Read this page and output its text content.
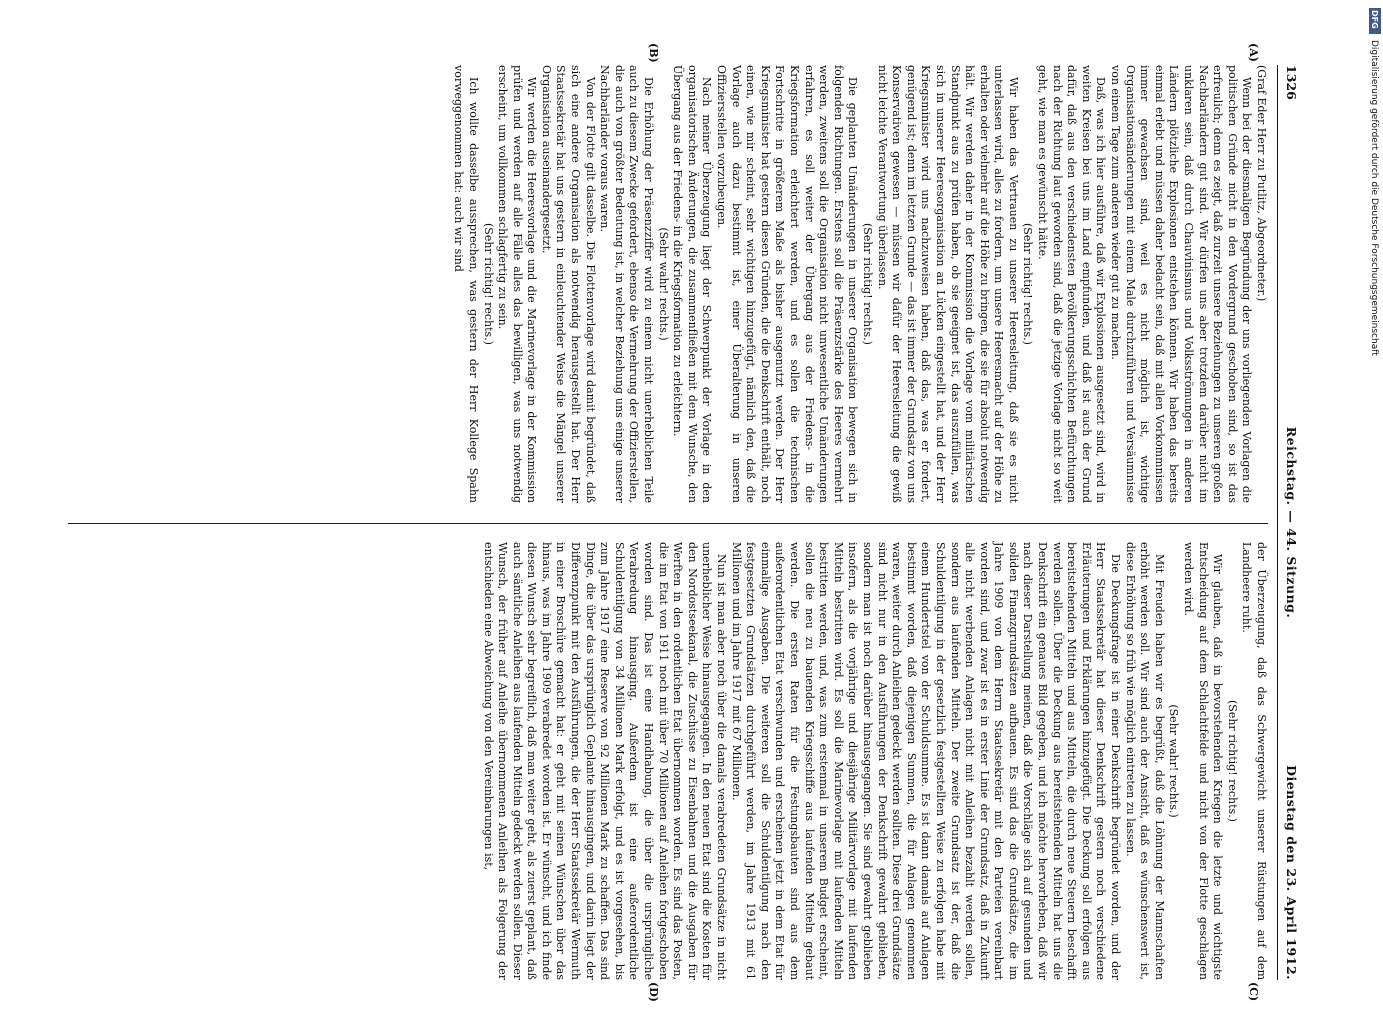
1326
Reichstag. — 44. Sitzung.
Dienstag den 23. April 1912.
(A)
(B)
(C)
(D)

(Graf Eder Herr zu Putlitz, Abgeordneter.)

Wenn bei der diesmaligen Begründung der uns vorliegenden Vorlagen die politischen Gründe nicht in den Vordergrund geschoben sind, so ist das erfreulich; denn es zeigt, daß zurzeit unsere Beziehungen zu unseren großen Nachbarländern gut sind. Wir dürfen uns aber trotzdem darüber nicht im unklaren sein, daß durch Chauvinismus und Volksströmungen in anderen Ländern plötzliche Explosionen entstehen können. Wir haben das bereits einmal erlebt und müssen daher bedacht sein, daß mit allen Vorkommnissen immer gewachsen sind, weil es nicht möglich ist, wichtige Organisationsänderungen mit einem Male durchzuführen und Versäumnisse von einem Tage zum anderen wieder gut zu machen.

Daß, was ich hier ausführe, daß wir Explosionen ausgesetzt sind, wird in weiten Kreisen bei uns im Land empfunden, und daß ist auch der Grund dafür, daß aus den verschiedensten Bevölkerungsschichten Befürchtungen nach der Richtung laut geworden sind, daß die jetzige Vorlage nicht so weit geht, wie man es gewünscht hätte.

(Sehr richtig! rechts.)

Wir haben das Vertrauen zu unserer Heeresleitung, daß sie es nicht unterlassen wird, alles zu fordern, um unsere Heeresmacht auf der Höhe zu erhalten oder vielmehr auf die Höhe zu bringen, die sie für absolut notwendig hält. Wir werden daher in der Kommission die Vorlage vom militärischen Standpunkt aus zu prüfen haben, ob sie geeignet ist, das auszufüllen, was sich in unserer Heeresorganisation an Lücken eingestellt hat, und der Herr Kriegsminister wird uns nachzuweisen haben, daß das, was er fordert, genügend ist; denn im letzten Grunde — das ist immer der Grundsatz von uns Konservativen gewesen — müssen wir dafür der Heeresleitung die gewiß nicht leichte Verantwortung überlassen.

(Sehr richtig! rechts.)

Die geplanten Umänderungen in unserer Organisation bewegen sich in folgenden Richtungen. Erstens soll die Präsenzstärke des Heeres vermehrt werden, zweitens soll die Organisation nicht unwesentliche Umänderungen erfahren, es soll weiter der Übergang aus der Friedens- in die Kriegsformation erleichtert werden, und es sollen die technischen Fortschritte in größerem Maße als bisher ausgenutzt werden. Der Herr Kriegsminister hat gestern diesen Gründen, die die Denkschrift enthält, noch einen, wie mir scheint, sehr wichtigen hinzugefügt, nämlich den, daß die Vorlage auch dazu bestimmt ist, einer Überalterung in unseren Offiziersstellen vorzubeugen.

Nach meiner Überzeugung liegt der Schwerpunkt der Vorlage in den organisatorischen Änderungen, die zusammenfließen mit dem Wunsche, den Übergang aus der Friedens- in die Kriegsformation zu erleichtern.

(Sehr wahr! rechts.)

Die Erhöhung der Präsenzziffer wird zu einem nicht unerheblichen Teile auch zu diesem Zwecke gefordert, ebenso die Vermehrung der Offizierstellen, die auch von größter Bedeutung ist, in welcher Beziehung uns einige unserer Nachbarländer voraus waren.

Von der Flotte gilt dasselbe. Die Flottenvorlage wird damit begründet, daß sich eine andere Organisation als notwendig herausgestellt hat. Der Herr Staatssekretär hat uns gestern in einleuchtender Weise die Mängel unserer Organisation auseinandergesetzt.

Wir werden die Heeresvorlage und die Marinevorlage in der Kommission prüfen und werden auf alle Fälle alles das bewilligen, was uns notwendig erscheint, um vollkommen schlagfertig zu sein.

(Sehr richtig! rechts.)

Ich wollte dasselbe aussprechen, was gestern der Herr Kollege Spahn vorweggenommen hat: auch wir sind

der Überzeugung, daß das Schwergewicht unserer Rüstungen auf dem Landheere ruht.

(Sehr richtig! rechts.)

Wir glauben, daß in bevorstehenden Kriegen die letzte und wichtigste Entscheidung auf dem Schlachtfelde und nicht von der Flotte geschlagen werden wird.

(Sehr wahr! rechts.)

Mit Freuden haben wir es begrüßt, daß die Löhnung der Mannschaften erhöht werden soll. Wir sind auch der Ansicht, daß es wünschenswert ist, diese Erhöhung so früh wie möglich eintreten zu lassen.

Die Deckungsfrage ist in einer Denkschrift begründet worden, und der Herr Staatssekretär hat dieser Denkschrift gestern noch verschiedene Erläuterungen und Erklärungen hinzugefügt. Die Deckung soll erfolgen aus bereitstehenden Mitteln und aus Mitteln, die durch neue Steuern beschafft werden sollen. Über die Deckung aus bereitstehenden Mitteln hat uns die Denkschrift ein genaues Bild gegeben, und ich möchte hervorheben, daß wir nach dieser Darstellung meinen, daß die Vorschläge sich auf gesunden und soliden Finanzgrundsätzen aufbauen. Es sind das die Grundsätze, die im Jahre 1909 von dem Herrn Staatssekretär mit den Parteien vereinbart worden sind, und zwar ist es in erster Linie der Grundsatz, daß in Zukunft alle nicht werbenden Anlagen nicht mit Anleihen bezahlt werden sollen, sondern aus laufenden Mitteln. Der zweite Grundsatz ist der, daß die Schuldentilgung in der gesetzlich festgestellten Weise zu erfolgen habe mit einem Hundertstel von der Schuldsumme. Es ist dann damals auf Anlagen bestimmt worden, daß diejenigen Summen, die für Anlagen genommen waren, weiter durch Anleihen gedeckt werden sollten. Diese drei Grundsätze sind nicht nur in den Ausführungen der Denkschrift gewahrt geblieben, sondern man ist noch darüber hinausgegangen. Sie sind gewahrt geblieben insofern, als die vorjährige und diesjährige Militärvorlage mit laufenden Mitteln bestritten wird. Es soll die Marinevorlage mit laufenden Mitteln bestritten werden, und, was zum erstenmal in unserem Budget erscheint, sollen die neu zu bauenden Kriegsschiffe aus laufenden Mitteln gebaut werden. Die ersten Raten für die Festungsbauten sind aus dem außerordentlichen Etat verschwunden und erscheinen jetzt in dem Etat für einmalige Ausgaben. Die weiteren soll die Schuldentilgung nach den festgesetzten Grundsätzen durchgeführt werden, im Jahre 1913 mit 61 Millionen und im Jahre 1917 mit 67 Millionen.

Nun ist man aber noch über die damals verabredeten Grundsätze in nicht unerheblicher Weise hinausgegangen. In den neuen Etat sind die Kosten für den Nordostseekanal, die Zuschüsse zu Eisenbahnen und die Ausgaben für Werften in den ordentlichen Etat übernommen worden. Es sind das Posten, die im Etat von 1911 noch mit über 70 Millionen auf Anleihen fortgeschoben worden sind. Das ist eine Handhabung, die über die ursprüngliche Verabredung hinausging. Außerdem ist eine außerordentliche Schuldentilgung von 34 Millionen Mark erfolgt, und es ist vorgesehen, bis zum Jahre 1917 eine Reserve von 92 Millionen Mark zu schaffen. Das sind Dinge, die über das ursprünglich Geplante hinausgingen, und darin liegt der Differenzpunkt mit den Ausführungen, die der Herr Staatssekretär Wermuth in einer Broschüre gemacht hat: er geht mit seinen Wünschen über das hinaus, was im Jahre 1909 verabredet worden ist. Er wünscht, und ich finde diesen Wunsch sehr begreiflich, daß man weiter geht, als zuerst geplant, daß auch sämtliche Anleihen aus laufenden Mitteln gedeckt werden sollen. Dieser Wunsch, der früher auf Anleihe übernommenen Anleihen als Folgerung der entschieden eine Abweichung von den Vereinbarungen ist,

Digitalisierung gefördert durch die Deutsche Forschungsgemeinschaft
DFG
